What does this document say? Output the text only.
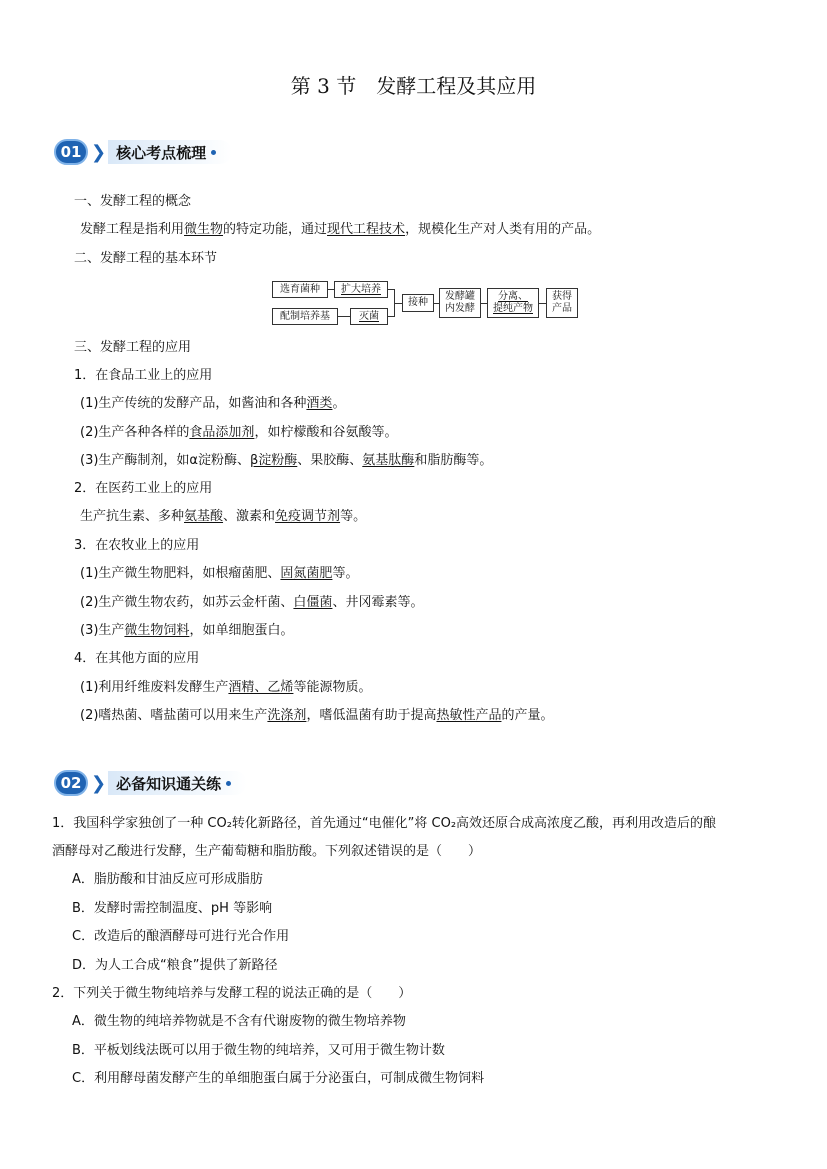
第 3 节　发酵工程及其应用
01 ❯ 核心考点梳理
一、发酵工程的概念
发酵工程是指利用微生物的特定功能，通过现代工程技术，规模化生产对人类有用的产品。
二、发酵工程的基本环节
选育菌种	扩大培养
配制培养基	灭菌
接种
发酵罐
内发酵
分离、
提纯产物
获得
产品
三、发酵工程的应用
1．在食品工业上的应用
(1)生产传统的发酵产品，如酱油和各种酒类。
(2)生产各种各样的食品添加剂，如柠檬酸和谷氨酸等。
(3)生产酶制剂，如α淀粉酶、β淀粉酶、果胶酶、氨基肽酶和脂肪酶等。
2．在医药工业上的应用
生产抗生素、多种氨基酸、激素和免疫调节剂等。
3．在农牧业上的应用
(1)生产微生物肥料，如根瘤菌肥、固氮菌肥等。
(2)生产微生物农药，如苏云金杆菌、白僵菌、井冈霉素等。
(3)生产微生物饲料，如单细胞蛋白。
4．在其他方面的应用
(1)利用纤维废料发酵生产酒精、乙烯等能源物质。
(2)嗜热菌、嗜盐菌可以用来生产洗涤剂，嗜低温菌有助于提高热敏性产品的产量。
02 ❯ 必备知识通关练
1．我国科学家独创了一种 CO₂转化新路径，首先通过“电催化”将 CO₂高效还原合成高浓度乙酸，再利用改造后的酿
酒酵母对乙酸进行发酵，生产葡萄糖和脂肪酸。下列叙述错误的是（　　）
A．脂肪酸和甘油反应可形成脂肪
B．发酵时需控制温度、pH 等影响
C．改造后的酿酒酵母可进行光合作用
D．为人工合成“粮食”提供了新路径
2．下列关于微生物纯培养与发酵工程的说法正确的是（　　）
A．微生物的纯培养物就是不含有代谢废物的微生物培养物
B．平板划线法既可以用于微生物的纯培养，又可用于微生物计数
C．利用酵母菌发酵产生的单细胞蛋白属于分泌蛋白，可制成微生物饲料
